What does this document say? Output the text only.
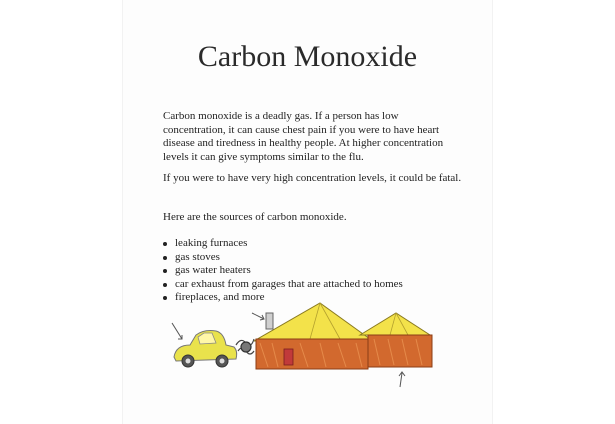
Carbon Monoxide

Carbon monoxide is a deadly gas. If a person has low concentration, it can cause chest pain if you were to have heart disease and tiredness in healthy people. At higher concentration levels it can give symptoms similar to the flu.

If you were to have very high concentration levels, it could be fatal.

Here are the sources of carbon monoxide.

leaking furnaces
gas stoves
gas water heaters
car exhaust from garages that are attached to homes
fireplaces, and more
